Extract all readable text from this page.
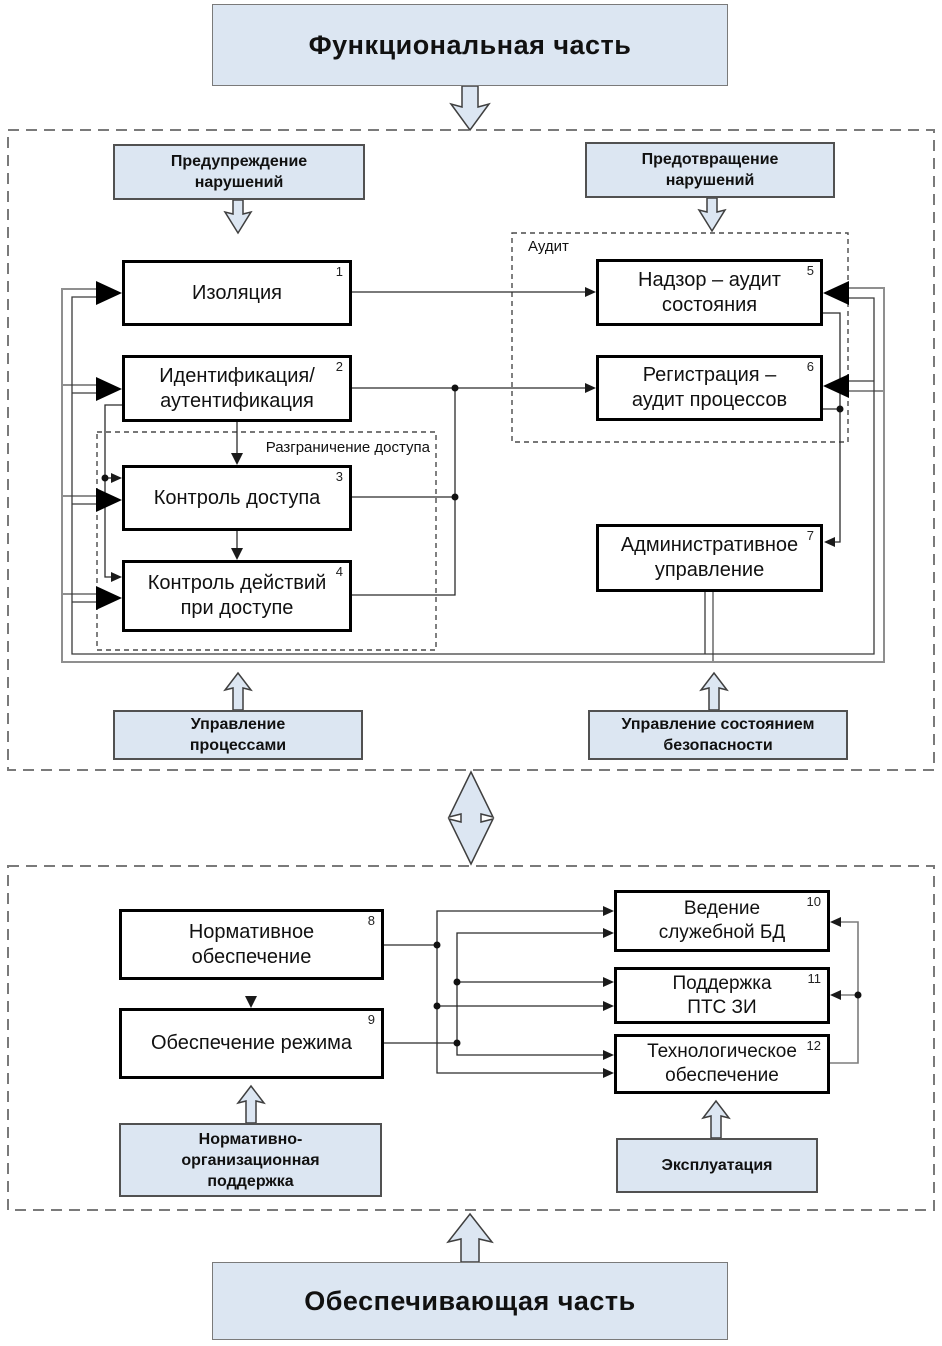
Функциональная часть
Обеспечивающая часть
Предупреждение
нарушений
Предотвращение
нарушений
Аудит
Разграничение доступа
1
Изоляция
2
Идентификация/
аутентификация
3
Контроль доступа
4
Контроль действий
при доступе
5
Надзор – аудит
состояния
6
Регистрация –
аудит процессов
7
Административное
управление
Управление
процессами
Управление состоянием
безопасности
8
Нормативное
обеспечение
9
Обеспечение режима
10
Ведение
служебной БД
11
Поддержка
ПТС ЗИ
12
Технологическое
обеспечение
Нормативно-
организационная
поддержка
Эксплуатация
